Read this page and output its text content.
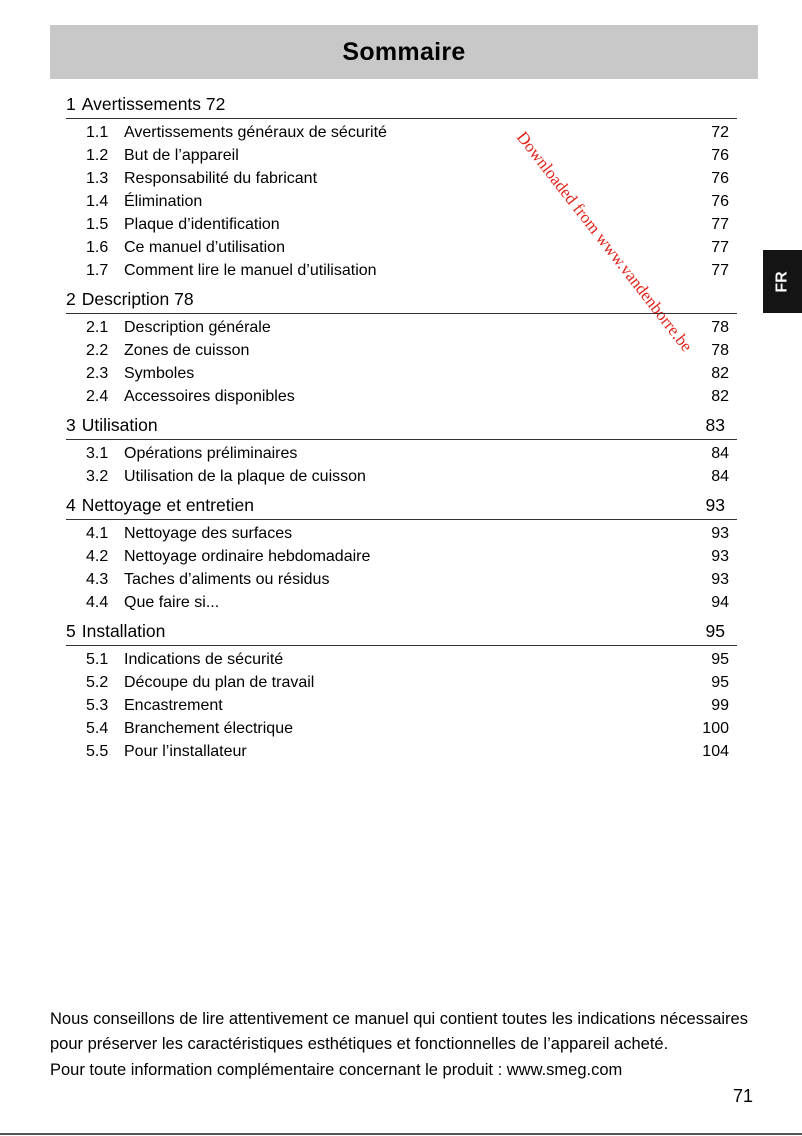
Sommaire
FR
Downloaded from www.vandenborre.be
1 Avertissements 72
1.1 Avertissements généraux de sécurité	72
1.2 But de l’appareil	76
1.3 Responsabilité du fabricant	76
1.4 Élimination	76
1.5 Plaque d’identification	77
1.6 Ce manuel d’utilisation	77
1.7 Comment lire le manuel d’utilisation	77
2 Description 78
2.1 Description générale	78
2.2 Zones de cuisson	78
2.3 Symboles	82
2.4 Accessoires disponibles	82
3 Utilisation	83
3.1 Opérations préliminaires	84
3.2 Utilisation de la plaque de cuisson	84
4 Nettoyage et entretien	93
4.1 Nettoyage des surfaces	93
4.2 Nettoyage ordinaire hebdomadaire	93
4.3 Taches d’aliments ou résidus	93
4.4 Que faire si...	94
5 Installation	95
5.1 Indications de sécurité	95
5.2 Découpe du plan de travail	95
5.3 Encastrement	99
5.4 Branchement électrique	100
5.5 Pour l’installateur	104

Nous conseillons de lire attentivement ce manuel qui contient toutes les indications nécessaires pour préserver les caractéristiques esthétiques et fonctionnelles de l’appareil acheté.

Pour toute information complémentaire concernant le produit : www.smeg.com

71
